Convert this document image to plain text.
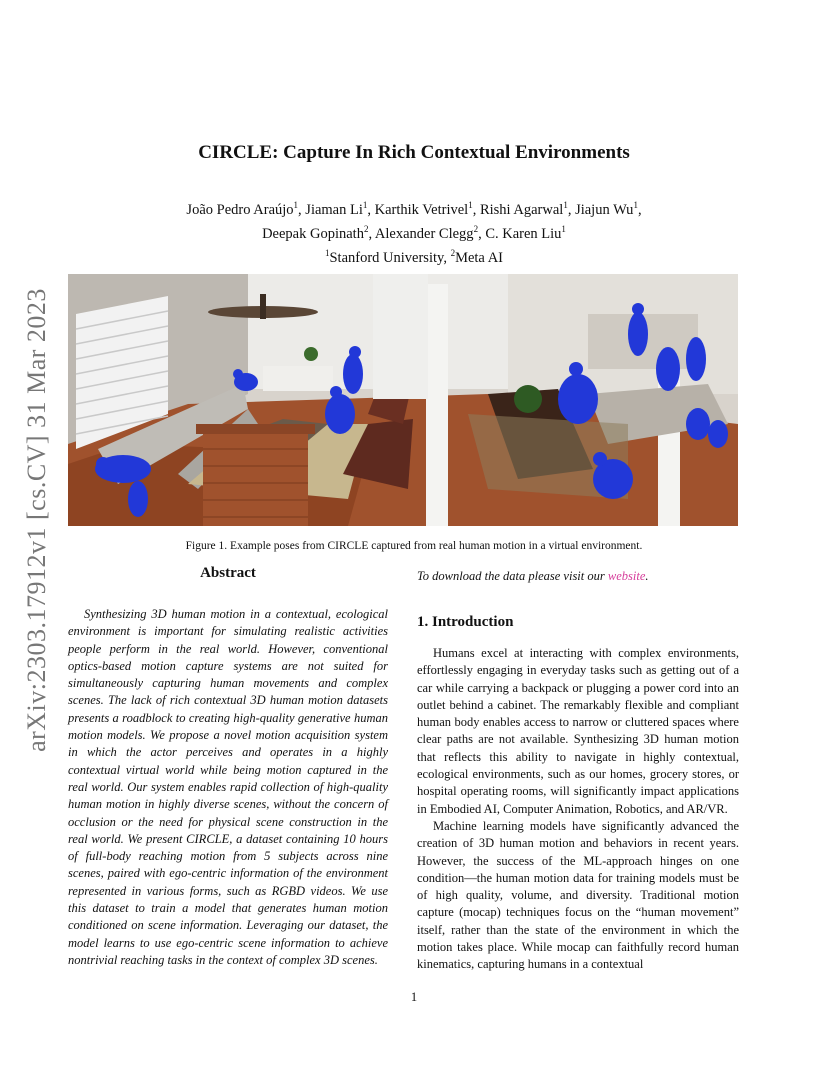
arXiv:2303.17912v1 [cs.CV] 31 Mar 2023
CIRCLE: Capture In Rich Contextual Environments
João Pedro Araújo$^1$, Jiaman Li$^1$, Karthik Vetrivel$^1$, Rishi Agarwal$^1$, Jiajun Wu$^1$,
Deepak Gopinath$^2$, Alexander Clegg$^2$, C. Karen Liu$^1$
$^1$Stanford University, $^2$Meta AI
Figure 1. Example poses from CIRCLE captured from real human motion in a virtual environment.
Abstract

Synthesizing 3D human motion in a contextual, ecological environment is important for simulating realistic activities people perform in the real world. However, conventional optics-based motion capture systems are not suited for simultaneously capturing human movements and complex scenes. The lack of rich contextual 3D human motion datasets presents a roadblock to creating high-quality generative human motion models. We propose a novel motion acquisition system in which the actor perceives and operates in a highly contextual virtual world while being motion captured in the real world. Our system enables rapid collection of high-quality human motion in highly diverse scenes, without the concern of occlusion or the need for physical scene construction in the real world. We present CIRCLE, a dataset containing 10 hours of full-body reaching motion from 5 subjects across nine scenes, paired with ego-centric information of the environment represented in various forms, such as RGBD videos. We use this dataset to train a model that generates human motion conditioned on scene information. Leveraging our dataset, the model learns to use ego-centric scene information to achieve nontrivial reaching tasks in the context of complex 3D scenes.

To download the data please visit our website.
1. Introduction

Humans excel at interacting with complex environments, effortlessly engaging in everyday tasks such as getting out of a car while carrying a backpack or plugging a power cord into an outlet behind a cabinet. The remarkably flexible and compliant human body enables access to narrow or cluttered spaces where clear paths are not available. Synthesizing 3D human motion that reflects this ability to navigate in highly contextual, ecological environments, such as our homes, grocery stores, or hospital operating rooms, will significantly impact applications in Embodied AI, Computer Animation, Robotics, and AR/VR.

Machine learning models have significantly advanced the creation of 3D human motion and behaviors in recent years. However, the success of the ML-approach hinges on one condition—the human motion data for training models must be of high quality, volume, and diversity. Traditional motion capture (mocap) techniques focus on the “human movement” itself, rather than the state of the environment in which the motion takes place. While mocap can faithfully record human kinematics, capturing humans in a contextual

1
